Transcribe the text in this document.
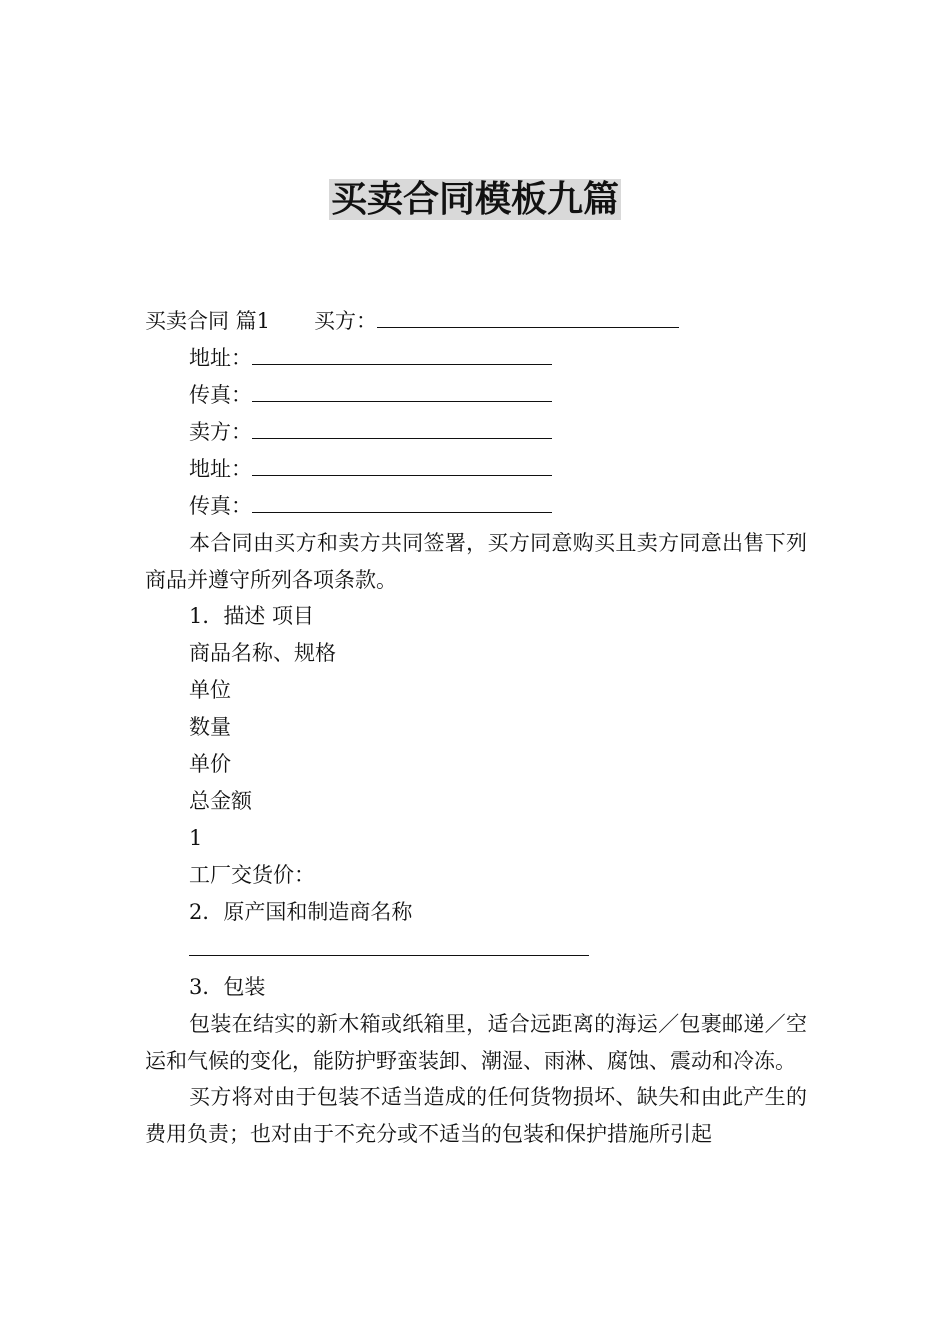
买卖合同模板九篇
买卖合同 篇1 买方：
地址：
传真：
卖方：
地址：
传真：
本合同由买方和卖方共同签署，买方同意购买且卖方同意出售下列商品并遵守所列各项条款。
1．描述 项目
商品名称、规格
单位
数量
单价
总金额
1
工厂交货价：
2．原产国和制造商名称
3．包装
包装在结实的新木箱或纸箱里，适合远距离的海运／包裹邮递／空运和气候的变化，能防护野蛮装卸、潮湿、雨淋、腐蚀、震动和冷冻。
买方将对由于包装不适当造成的任何货物损坏、缺失和由此产生的费用负责；也对由于不充分或不适当的包装和保护措施所引起
